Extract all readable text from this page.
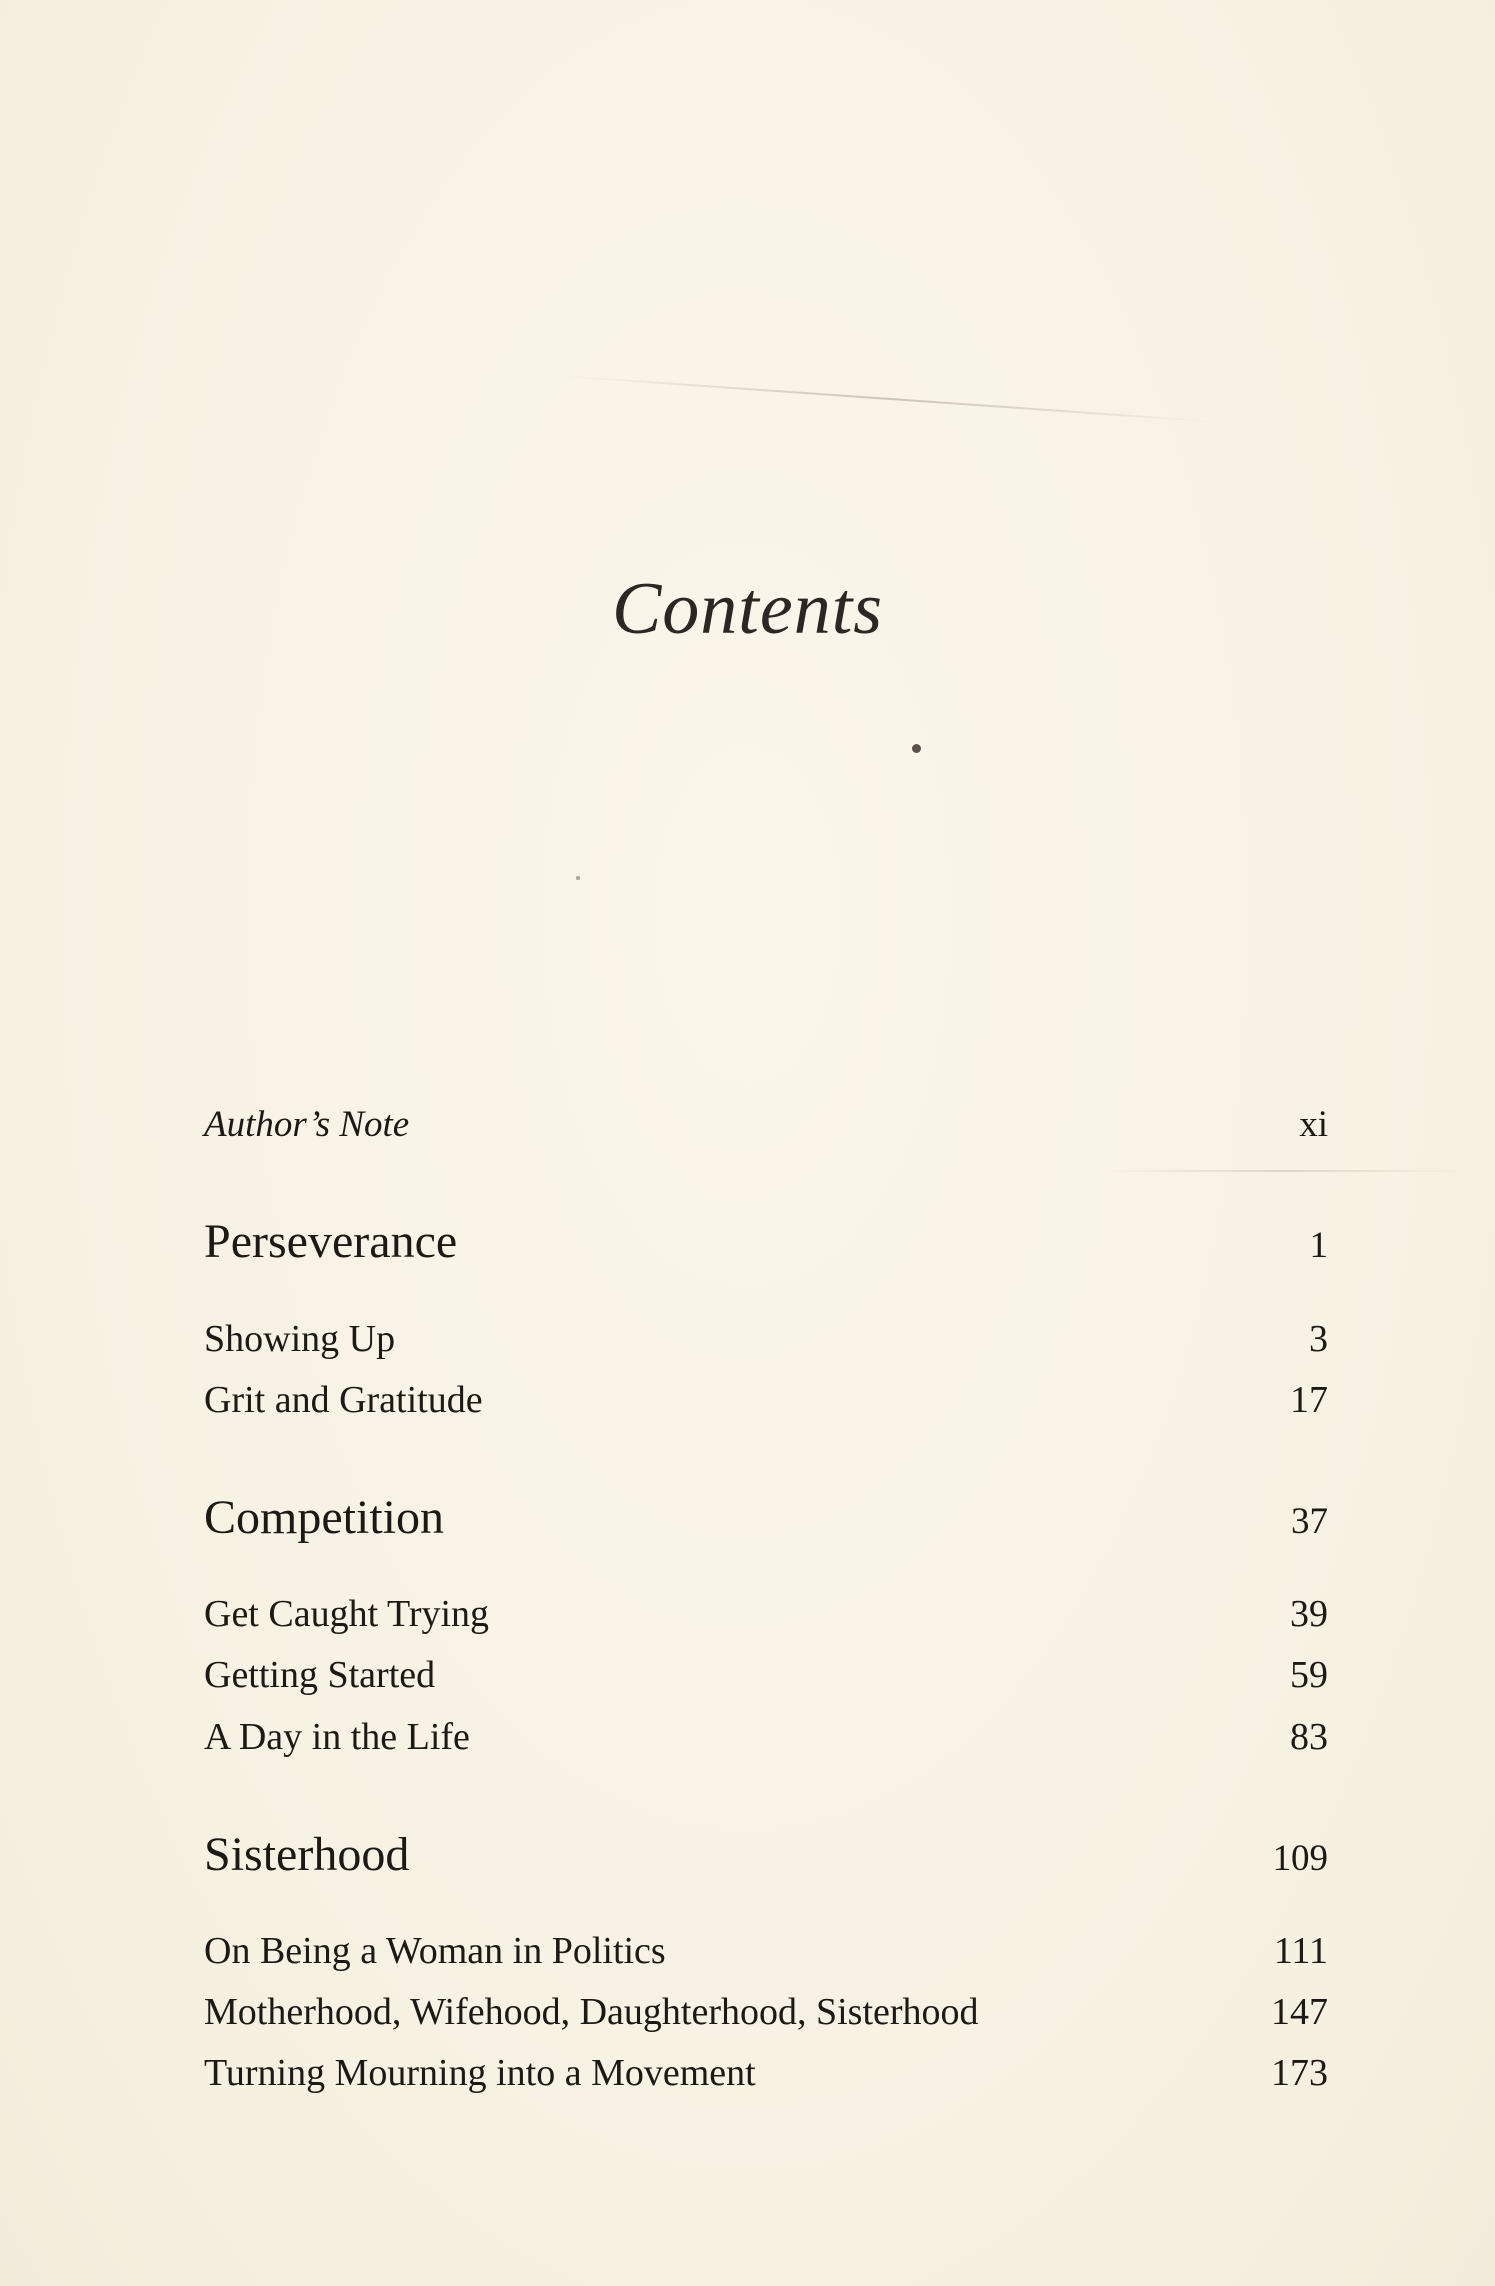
Contents
Author’s Note	xi
Perseverance	1
Showing Up	3
Grit and Gratitude	17
Competition	37
Get Caught Trying	39
Getting Started	59
A Day in the Life	83
Sisterhood	109
On Being a Woman in Politics	111
Motherhood, Wifehood, Daughterhood, Sisterhood	147
Turning Mourning into a Movement	173
